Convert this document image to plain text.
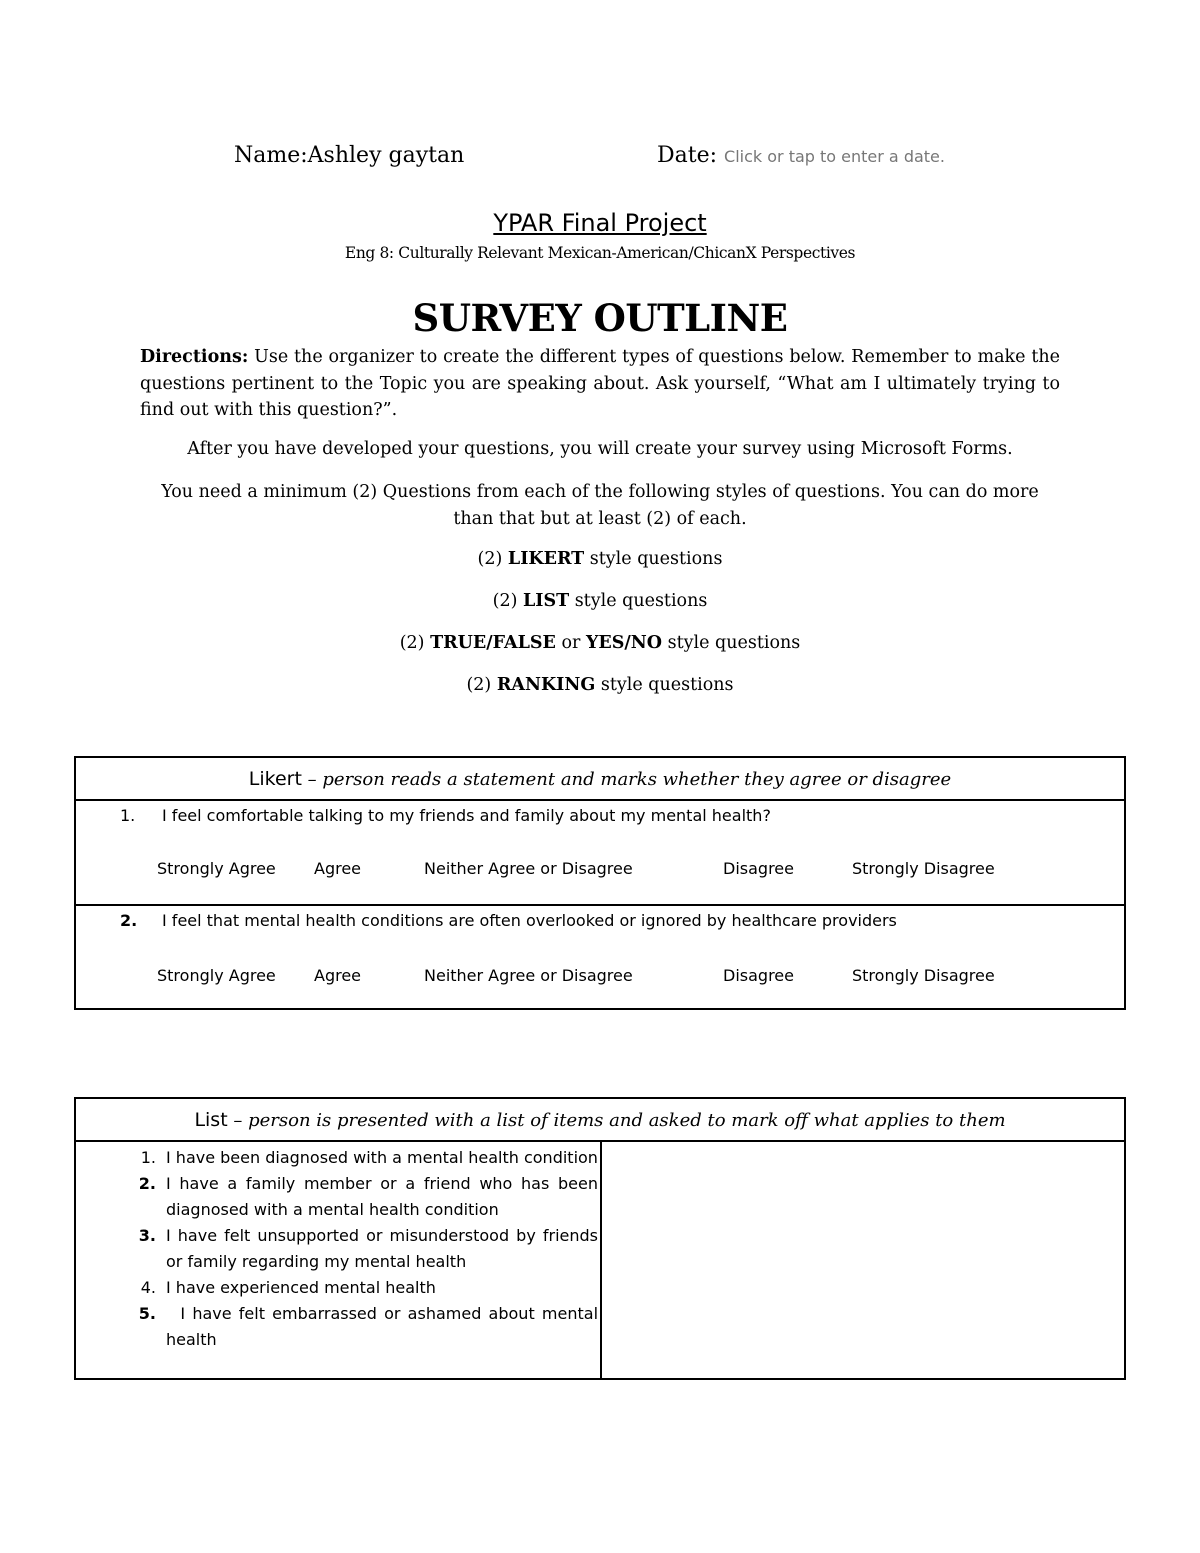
Name:Ashley gaytan	Date: Click or tap to enter a date.
YPAR Final Project
Eng 8: Culturally Relevant Mexican-American/ChicanX Perspectives
SURVEY OUTLINE
Directions: Use the organizer to create the different types of questions below. Remember to make the questions pertinent to the Topic you are speaking about. Ask yourself, “What am I ultimately trying to find out with this question?”.
After you have developed your questions, you will create your survey using Microsoft Forms.
You need a minimum (2) Questions from each of the following styles of questions. You can do more than that but at least (2) of each.
(2) LIKERT style questions
(2) LIST style questions
(2) TRUE/FALSE or YES/NO style questions
(2) RANKING style questions
Likert – person reads a statement and marks whether they agree or disagree

1. I feel comfortable talking to my friends and family about my mental health?
Strongly Agree Agree	Neither Agree or Disagree	Disagree	Strongly Disagree

2. I feel that mental health conditions are often overlooked or ignored by healthcare providers
Strongly Agree Agree	Neither Agree or Disagree	Disagree	Strongly Disagree
List – person is presented with a list of items and asked to mark off what applies to them

1. I have been diagnosed with a mental health condition
2. I have a family member or a friend who has been diagnosed with a mental health condition
3. I have felt unsupported or misunderstood by friends or family regarding my mental health
4. I have experienced mental health
5. I have felt embarrassed or ashamed about mental health
